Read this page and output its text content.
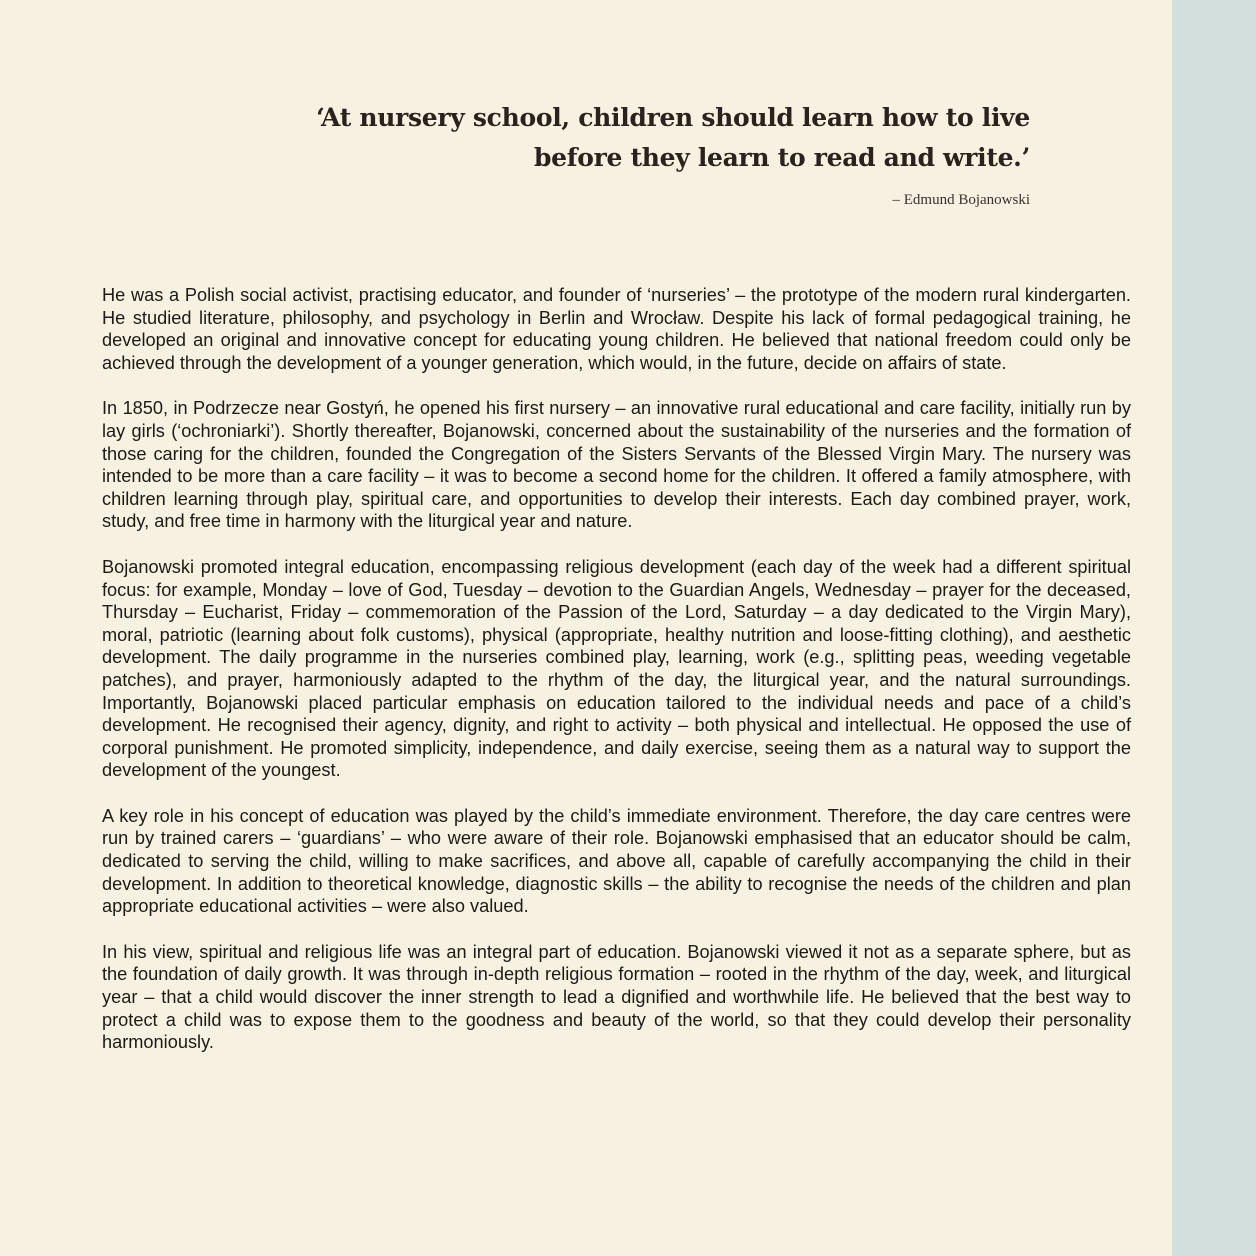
‘At nursery school, children should learn how to live
before they learn to read and write.’
– Edmund Bojanowski

He was a Polish social activist, practising educator, and founder of ‘nurseries’ – the prototype of the modern rural kindergarten. He studied literature, philosophy, and psychology in Berlin and Wrocław. Despite his lack of formal pedagogical training, he developed an original and innovative concept for educating young children. He believed that national freedom could only be achieved through the development of a younger generation, which would, in the future, decide on affairs of state.

In 1850, in Podrzecze near Gostyń, he opened his first nursery – an innovative rural educational and care facility, initially run by lay girls (‘ochroniarki’). Shortly thereafter, Bojanowski, concerned about the sustainability of the nurseries and the formation of those caring for the children, founded the Congregation of the Sisters Servants of the Blessed Virgin Mary. The nursery was intended to be more than a care facility – it was to become a second home for the children. It offered a family atmosphere, with children learning through play, spiritual care, and opportunities to develop their interests. Each day combined prayer, work, study, and free time in harmony with the liturgical year and nature.

Bojanowski promoted integral education, encompassing religious development (each day of the week had a different spiritual focus: for example, Monday – love of God, Tuesday – devotion to the Guardian Angels, Wednesday – prayer for the deceased, Thursday – Eucharist, Friday – commemoration of the Passion of the Lord, Saturday – a day dedicated to the Virgin Mary), moral, patriotic (learning about folk customs), physical (appropriate, healthy nutrition and loose-fitting clothing), and aesthetic development. The daily programme in the nurseries combined play, learning, work (e.g., splitting peas, weeding vegetable patches), and prayer, harmoniously adapted to the rhythm of the day, the liturgical year, and the natural surroundings. Importantly, Bojanowski placed particular emphasis on education tailored to the individual needs and pace of a child’s development. He recognised their agency, dignity, and right to activity – both physical and intellectual. He opposed the use of corporal punishment. He promoted simplicity, independence, and daily exercise, seeing them as a natural way to support the development of the youngest.

A key role in his concept of education was played by the child’s immediate environment. Therefore, the day care centres were run by trained carers – ‘guardians’ – who were aware of their role. Bojanowski emphasised that an educator should be calm, dedicated to serving the child, willing to make sacrifices, and above all, capable of carefully accompanying the child in their development. In addition to theoretical knowledge, diagnostic skills – the ability to recognise the needs of the children and plan appropriate educational activities – were also valued.

In his view, spiritual and religious life was an integral part of education. Bojanowski viewed it not as a separate sphere, but as the foundation of daily growth. It was through in-depth religious formation – rooted in the rhythm of the day, week, and liturgical year – that a child would discover the inner strength to lead a dignified and worthwhile life. He believed that the best way to protect a child was to expose them to the goodness and beauty of the world, so that they could develop their personality harmoniously.
